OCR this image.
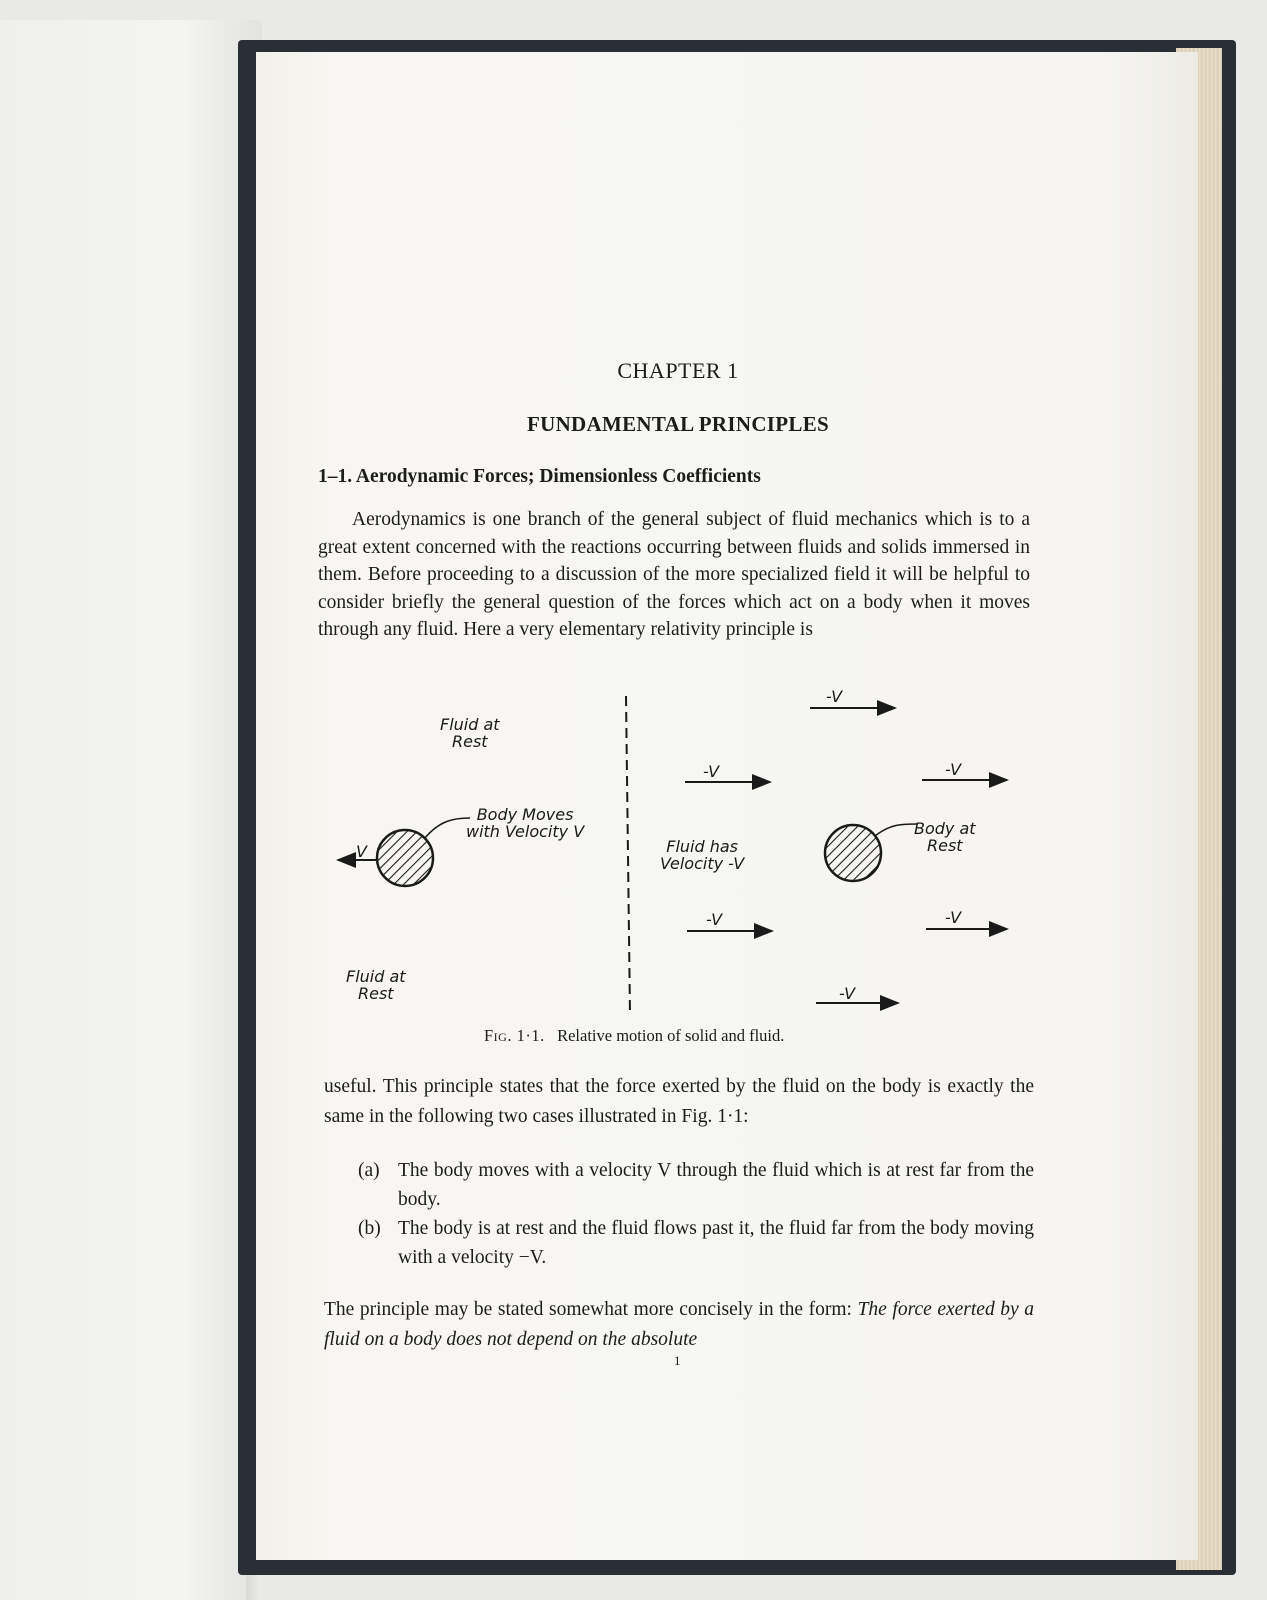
CHAPTER 1
FUNDAMENTAL PRINCIPLES
1–1. Aerodynamic Forces; Dimensionless Coefficients

Aerodynamics is one branch of the general subject of fluid mechanics which is to a great extent concerned with the reactions occurring between fluids and solids immersed in them. Before proceeding to a discussion of the more specialized field it will be helpful to consider briefly the general question of the forces which act on a body when it moves through any fluid. Here a very elementary relativity principle is

Fluid at
Rest
Body Moves
with Velocity V
V
Fluid at
Rest
Fluid has
Velocity -V
Body at
Rest
-V
-V	-V
-V	-V
-V
Fig. 1·1. Relative motion of solid and fluid.

useful. This principle states that the force exerted by the fluid on the body is exactly the same in the following two cases illustrated in Fig. 1·1:

(a) The body moves with a velocity V through the fluid which is at rest far from the body.
(b) The body is at rest and the fluid flows past it, the fluid far from the body moving with a velocity −V.

The principle may be stated somewhat more concisely in the form: The force exerted by a fluid on a body does not depend on the absolute

1
